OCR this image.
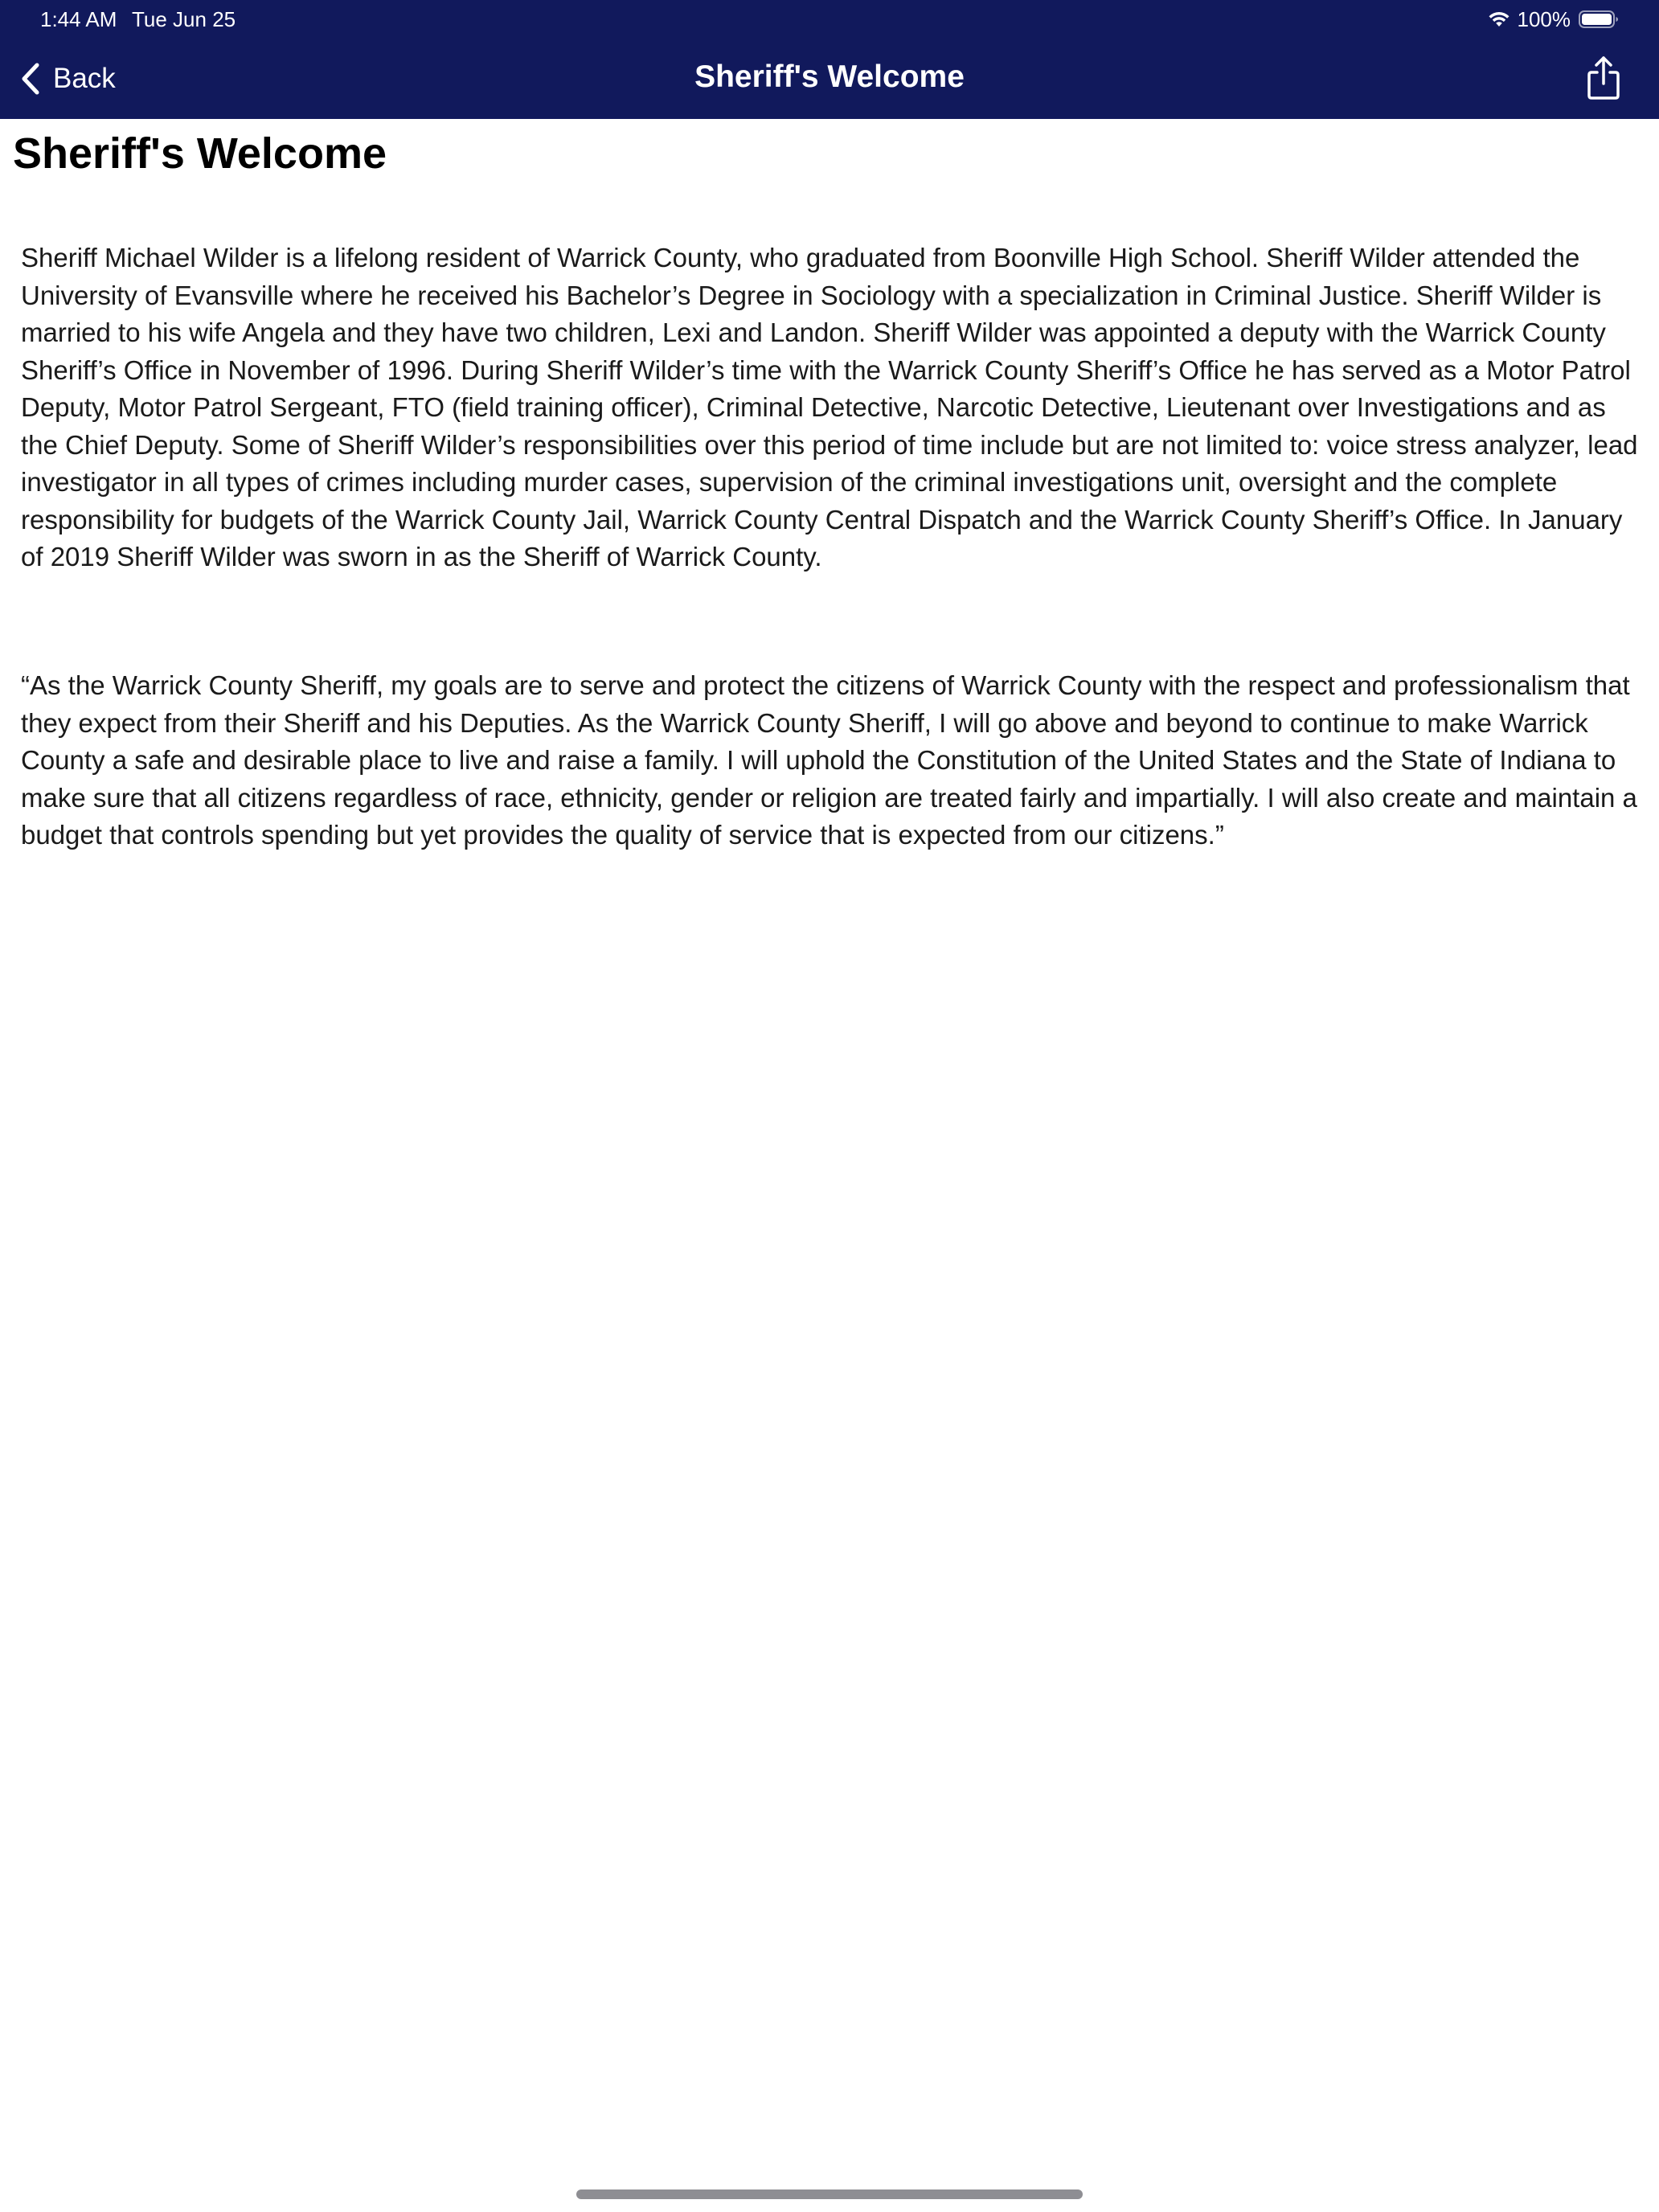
1:44 AM Tue Jun 25	100%
Back	Sheriff's Welcome
Sheriff's Welcome

Sheriff Michael Wilder is a lifelong resident of Warrick County, who graduated from Boonville High School. Sheriff Wilder attended the University of Evansville where he received his Bachelor’s Degree in Sociology with a specialization in Criminal Justice. Sheriff Wilder is married to his wife Angela and they have two children, Lexi and Landon. Sheriff Wilder was appointed a deputy with the Warrick County Sheriff’s Office in November of 1996. During Sheriff Wilder’s time with the Warrick County Sheriff’s Office he has served as a Motor Patrol Deputy, Motor Patrol Sergeant, FTO (field training officer), Criminal Detective, Narcotic Detective, Lieutenant over Investigations and as the Chief Deputy. Some of Sheriff Wilder’s responsibilities over this period of time include but are not limited to: voice stress analyzer, lead investigator in all types of crimes including murder cases, supervision of the criminal investigations unit, oversight and the complete responsibility for budgets of the Warrick County Jail, Warrick County Central Dispatch and the Warrick County Sheriff’s Office. In January of 2019 Sheriff Wilder was sworn in as the Sheriff of Warrick County.

“As the Warrick County Sheriff, my goals are to serve and protect the citizens of Warrick County with the respect and professionalism that they expect from their Sheriff and his Deputies. As the Warrick County Sheriff, I will go above and beyond to continue to make Warrick County a safe and desirable place to live and raise a family. I will uphold the Constitution of the United States and the State of Indiana to make sure that all citizens regardless of race, ethnicity, gender or religion are treated fairly and impartially. I will also create and maintain a budget that controls spending but yet provides the quality of service that is expected from our citizens.”
